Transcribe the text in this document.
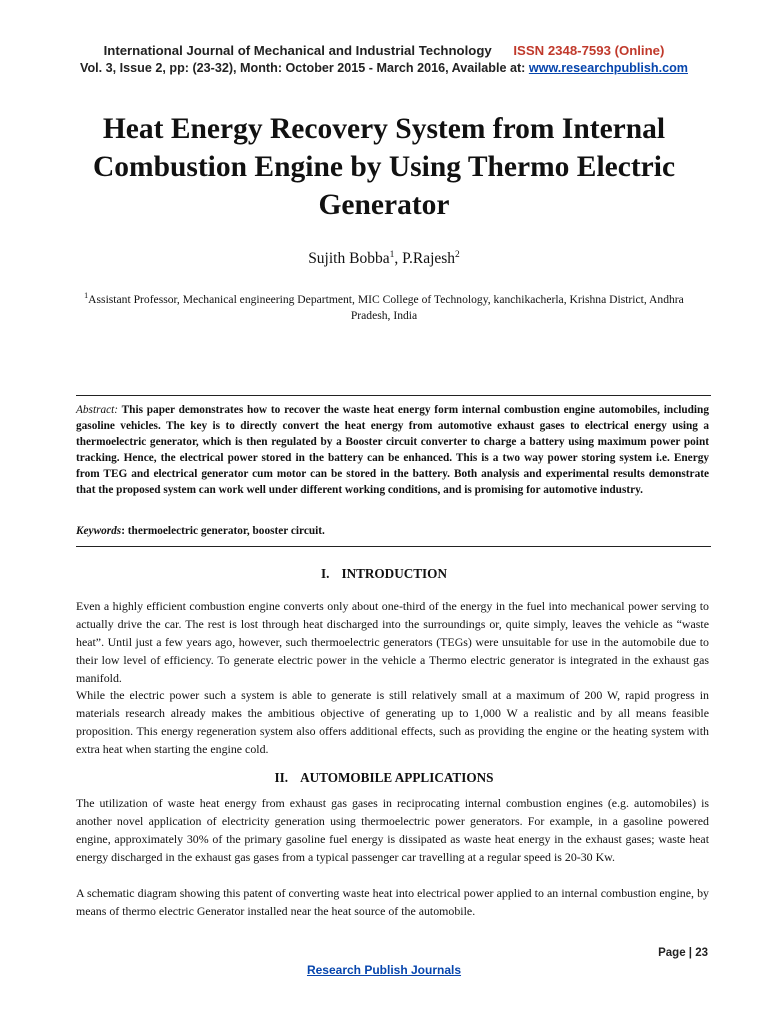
International Journal of Mechanical and Industrial Technology ISSN 2348-7593 (Online)
Vol. 3, Issue 2, pp: (23-32), Month: October 2015 - March 2016, Available at: www.researchpublish.com
Heat Energy Recovery System from Internal Combustion Engine by Using Thermo Electric Generator
Sujith Bobba$^1$, P.Rajesh$^2$
$^1$Assistant Professor, Mechanical engineering Department, MIC College of Technology, kanchikacherla, Krishna District, Andhra Pradesh, India
Abstract: This paper demonstrates how to recover the waste heat energy form internal combustion engine automobiles, including gasoline vehicles. The key is to directly convert the heat energy from automotive exhaust gases to electrical energy using a thermoelectric generator, which is then regulated by a Booster circuit converter to charge a battery using maximum power point tracking. Hence, the electrical power stored in the battery can be enhanced. This is a two way power storing system i.e. Energy from TEG and electrical generator cum motor can be stored in the battery. Both analysis and experimental results demonstrate that the proposed system can work well under different working conditions, and is promising for automotive industry.
Keywords: thermoelectric generator, booster circuit.
I. INTRODUCTION

Even a highly efficient combustion engine converts only about one-third of the energy in the fuel into mechanical power serving to actually drive the car. The rest is lost through heat discharged into the surroundings or, quite simply, leaves the vehicle as “waste heat”. Until just a few years ago, however, such thermoelectric generators (TEGs) were unsuitable for use in the automobile due to their low level of efficiency. To generate electric power in the vehicle a Thermo electric generator is integrated in the exhaust gas manifold.

While the electric power such a system is able to generate is still relatively small at a maximum of 200 W, rapid progress in materials research already makes the ambitious objective of generating up to 1,000 W a realistic and by all means feasible proposition. This energy regeneration system also offers additional effects, such as providing the engine or the heating system with extra heat when starting the engine cold.

II. AUTOMOBILE APPLICATIONS

The utilization of waste heat energy from exhaust gas gases in reciprocating internal combustion engines (e.g. automobiles) is another novel application of electricity generation using thermoelectric power generators. For example, in a gasoline powered engine, approximately 30% of the primary gasoline fuel energy is dissipated as waste heat energy in the exhaust gases; waste heat energy discharged in the exhaust gas gases from a typical passenger car travelling at a regular speed is 20-30 Kw.

A schematic diagram showing this patent of converting waste heat into electrical power applied to an internal combustion engine, by means of thermo electric Generator installed near the heat source of the automobile.

Page | 23
Research Publish Journals
